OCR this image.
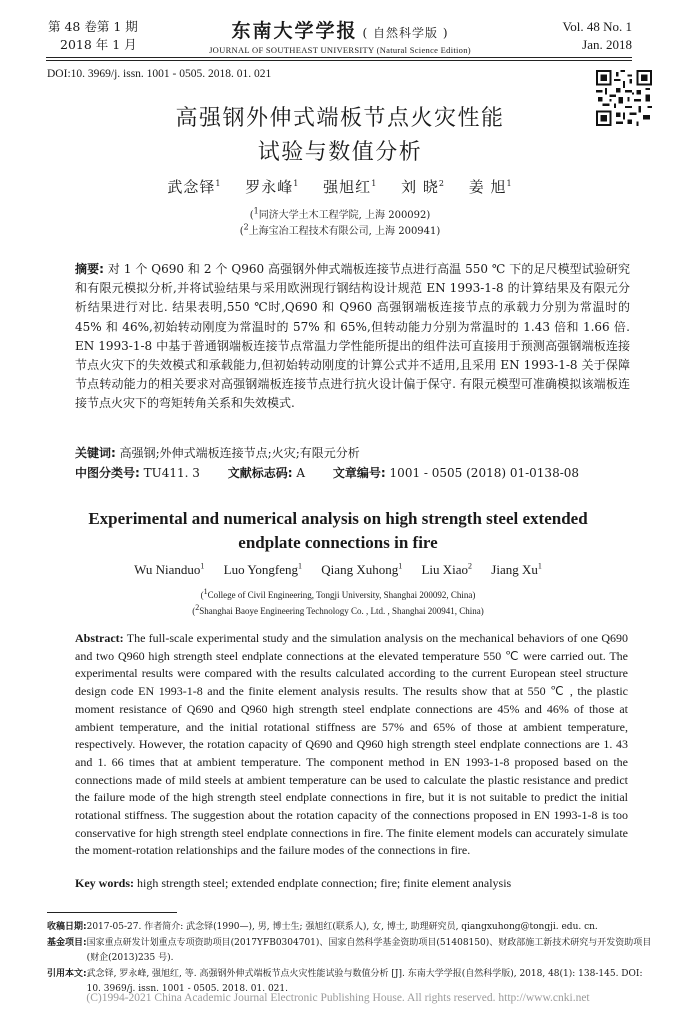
第 48 卷第 1 期
2018 年 1 月
东南大学学报 ( 自然科学版 )
JOURNAL OF SOUTHEAST UNIVERSITY (Natural Science Edition)
Vol. 48 No. 1
Jan. 2018
DOI:10. 3969/j. issn. 1001 - 0505. 2018. 01. 021
高强钢外伸式端板节点火灾性能
试验与数值分析
武念铎$^1$ 罗永峰$^1$ 强旭红$^1$ 刘 晓$^2$ 姜 旭$^1$
($^1$同济大学土木工程学院, 上海 200092)
($^2$上海宝冶工程技术有限公司, 上海 200941)
摘要: 对 1 个 Q690 和 2 个 Q960 高强钢外伸式端板连接节点进行高温 550 ℃ 下的足尺模型试验研究和有限元模拟分析,并将试验结果与采用欧洲现行钢结构设计规范 EN 1993-1-8 的计算结果及有限元分析结果进行对比. 结果表明,550 ℃时,Q690 和 Q960 高强钢端板连接节点的承载力分别为常温时的 45% 和 46%,初始转动刚度为常温时的 57% 和 65%,但转动能力分别为常温时的 1.43 倍和 1.66 倍. EN 1993-1-8 中基于普通钢端板连接节点常温力学性能所提出的组件法可直接用于预测高强钢端板连接节点火灾下的失效模式和承载能力,但初始转动刚度的计算公式并不适用,且采用 EN 1993-1-8 关于保障节点转动能力的相关要求对高强钢端板连接节点进行抗火设计偏于保守. 有限元模型可准确模拟该端板连接节点火灾下的弯矩转角关系和失效模式.
关键词: 高强钢;外伸式端板连接节点;火灾;有限元分析
中图分类号: TU411. 3 文献标志码: A 文章编号: 1001 - 0505 (2018) 01-0138-08
Experimental and numerical analysis on high strength steel extended
endplate connections in fire
Wu Nianduo$^1$ Luo Yongfeng$^1$ Qiang Xuhong$^1$ Liu Xiao$^2$ Jiang Xu$^1$
($^1$College of Civil Engineering, Tongji University, Shanghai 200092, China)
($^2$Shanghai Baoye Engineering Technology Co. , Ltd. , Shanghai 200941, China)
Abstract: The full-scale experimental study and the simulation analysis on the mechanical behaviors of one Q690 and two Q960 high strength steel endplate connections at the elevated temperature 550 ℃ were carried out. The experimental results were compared with the results calculated according to the current European steel structure design code EN 1993-1-8 and the finite element analysis results. The results show that at 550 ℃ , the plastic moment resistance of Q690 and Q960 high strength steel endplate connections are 45% and 46% of those at ambient temperature, and the initial rotational stiffness are 57% and 65% of those at ambient temperature, respectively. However, the rotation capacity of Q690 and Q960 high strength steel endplate connections are 1. 43 and 1. 66 times that at ambient temperature. The component method in EN 1993-1-8 proposed based on the connections made of mild steels at ambient temperature can be used to calculate the plastic resistance and predict the failure mode of the high strength steel endplate connections in fire, but it is not suitable to predict the initial rotational stiffness. The suggestion about the rotation capacity of the connections proposed in EN 1993-1-8 is too conservative for high strength steel endplate connections in fire. The finite element models can accurately simulate the moment-rotation relationships and the failure modes of the connections in fire.
Key words: high strength steel; extended endplate connection; fire; finite element analysis
收稿日期: 2017-05-27. 作者简介: 武念铎(1990—), 男, 博士生; 强旭红(联系人), 女, 博士, 助理研究员, qiangxuhong@tongji. edu. cn.
基金项目: 国家重点研发计划重点专项资助项目(2017YFB0304701)、国家自然科学基金资助项目(51408150)、财政部施工新技术研究与开发资助项目(财企(2013)235 号).
引用本文: 武念铎, 罗永峰, 强旭红, 等. 高强钢外伸式端板节点火灾性能试验与数值分析 [J]. 东南大学学报(自然科学版), 2018, 48(1): 138-145. DOI: 10. 3969/j. issn. 1001 - 0505. 2018. 01. 021.
(C)1994-2021 China Academic Journal Electronic Publishing House. All rights reserved. http://www.cnki.net
